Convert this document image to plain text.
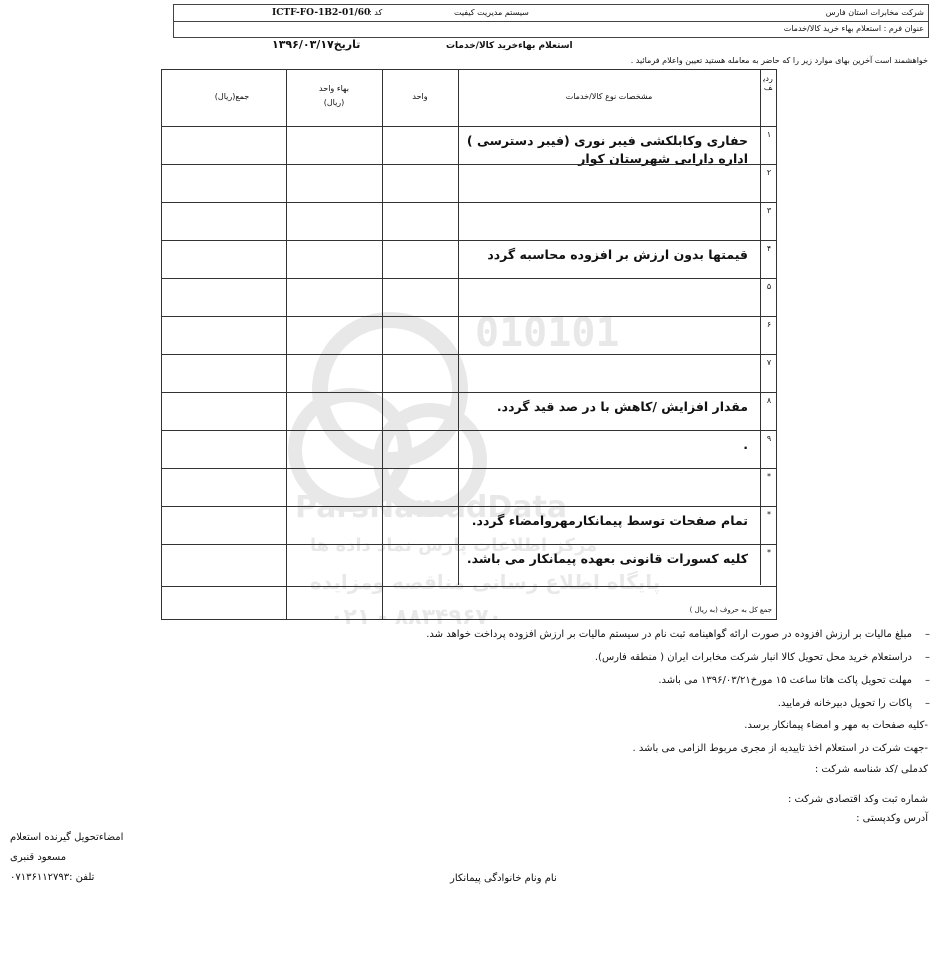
شرکت مخابرات استان فارس
سیستم مدیریت کیفیت
کد :
ICTF-FO-1B2-01/60
عنوان فرم : استعلام بهاء خرید کالا/خدمات
استعلام بهاءخرید کالا/خدمات
تاریخ۱۳۹۶/۰۳/۱۷
خواهشمند است آخرین بهای موارد زیر را که حاضر به معامله هستید تعیین واعلام فرمائید .
010101
ParsNamadData
مرکز اطلاعات پارس نماد داده ها
پایگاه اطلاع رسانی مناقصه ومزایده
۰۲۱ - ۸۸۳۴۹۶۷۰
جمع(ریال)
بهاء واحد
(ریال)
واحد	مشخصات نوع کالا/خدمات
ردیف
۱
حفاری وکابلکشی فیبر نوری (فیبر دسترسی ) اداره دارایی شهرستان کوار
۲
۳
۴
قیمتها بدون ارزش بر افزوده محاسبه گردد
۵
۶
۷
۸
مقدار افزایش /کاهش با در صد قید گردد.
۹
.
*
*
تمام صفحات توسط پیمانکارمهروامضاء گردد.
*
کلیه کسورات قانونی بعهده پیمانکار می باشد.
جمع کل به حروف (به ریال )
مبلغ مالیات بر ارزش افزوده در صورت ارائه گواهینامه ثبت نام در سیستم مالیات بر ارزش افزوده پرداخت خواهد شد. –
دراستعلام خرید محل تحویل کالا انبار شرکت مخابرات ایران ( منطقه فارس). –
مهلت تحویل پاکت هاتا ساعت ۱۵ مورخ۱۳۹۶/۰۳/۲۱ می باشد. –
پاکات را تحویل دبیرخانه فرمایید. –
-کلیه صفحات به مهر و امضاء پیمانکار برسد.
-جهت شرکت در استعلام اخذ تاییدیه از مجری مربوط الزامی می باشد .
کدملی /کد شناسه شرکت :
شماره ثبت وکد اقتصادی شرکت :
آدرس وکدپستی :
امضاءتحویل گیرنده استعلام
مسعود قنبری
تلفن :۰۷۱۳۶۱۱۲۷۹۳	نام ونام خانوادگی پیمانکار
